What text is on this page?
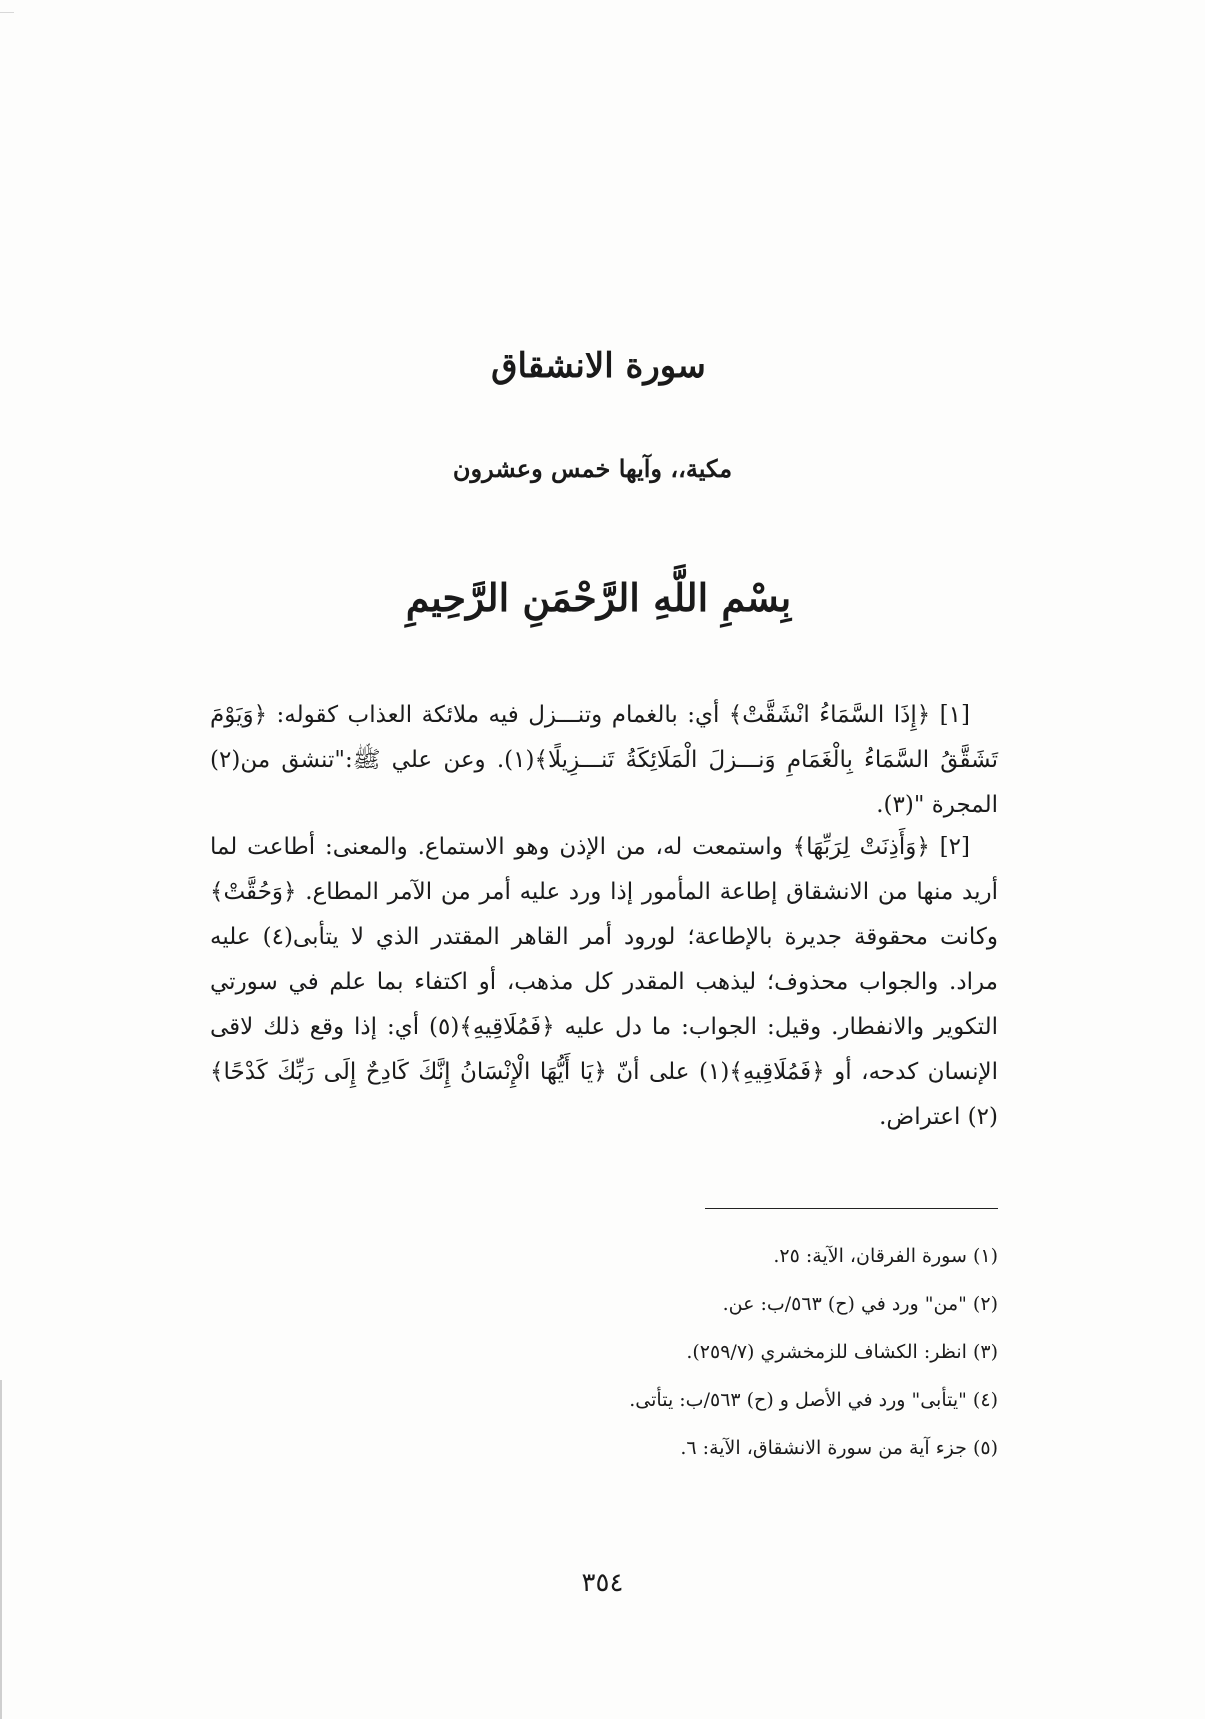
سورة الانشقاق
مكية،، وآيها خمس وعشرون
بِسْمِ اللَّهِ الرَّحْمَنِ الرَّحِيمِ

[١] ﴿إِذَا السَّمَاءُ انْشَقَّتْ﴾ أي: بالغمام وتنـــزل فيه ملائكة العذاب كقوله: ﴿وَيَوْمَ تَشَقَّقُ السَّمَاءُ بِالْغَمَامِ وَنـــزلَ الْمَلَائِكَةُ تَنـــزِيلًا﴾(١). وعن علي ﷺ:"تنشق من(٢) المجرة "(٣).

[٢] ﴿وَأَذِنَتْ لِرَبِّهَا﴾ واستمعت له، من الإذن وهو الاستماع. والمعنى: أطاعت لما أريد منها من الانشقاق إطاعة المأمور إذا ورد عليه أمر من الآمر المطاع. ﴿وَحُقَّتْ﴾ وكانت محقوقة جديرة بالإطاعة؛ لورود أمر القاهر المقتدر الذي لا يتأبى(٤) عليه مراد. والجواب محذوف؛ ليذهب المقدر كل مذهب، أو اكتفاء بما علم في سورتي التكوير والانفطار. وقيل: الجواب: ما دل عليه ﴿فَمُلَاقِيهِ﴾(٥) أي: إذا وقع ذلك لاقى الإنسان كدحه، أو ﴿فَمُلَاقِيهِ﴾(١) على أنّ ﴿يَا أَيُّهَا الْإِنْسَانُ إِنَّكَ كَادِحٌ إِلَى رَبِّكَ كَدْحًا﴾(٢) اعتراض.

(١) سورة الفرقان، الآية: ٢٥.
(٢) "من" ورد في (ح) ٥٦٣/ب: عن.
(٣) انظر: الكشاف للزمخشري (٢٥٩/٧).
(٤) "يتأبى" ورد في الأصل و (ح) ٥٦٣/ب: يتأتى.
(٥) جزء آية من سورة الانشقاق، الآية: ٦.
٣٥٤
